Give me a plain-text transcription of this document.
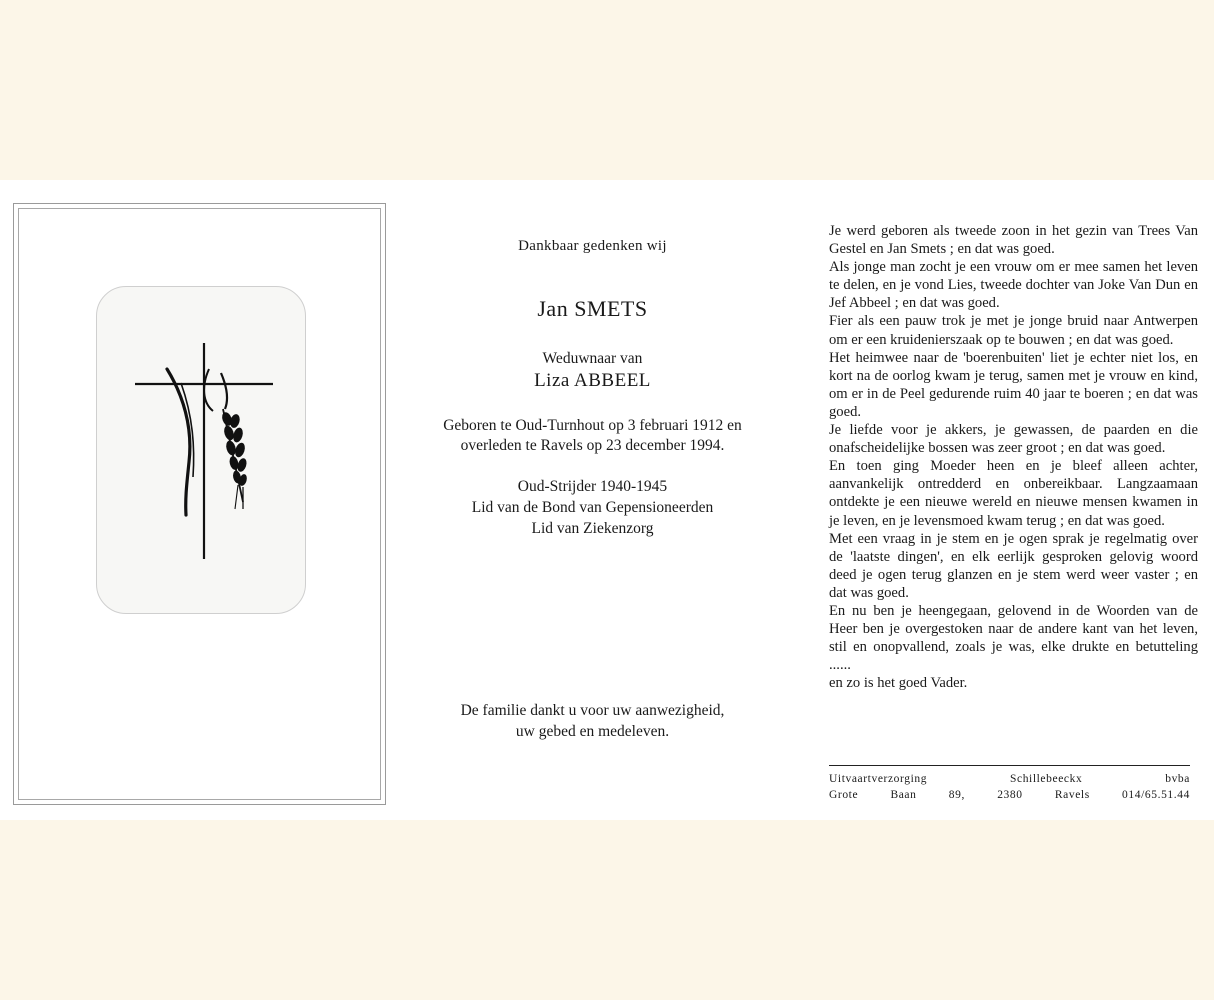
Dankbaar gedenken wij
Jan SMETS
Weduwnaar van
Liza ABBEEL
Geboren te Oud-Turnhout op 3 februari 1912 en
overleden te Ravels op 23 december 1994.
Oud-Strijder 1940-1945
Lid van de Bond van Gepensioneerden
Lid van Ziekenzorg
De familie dankt u voor uw aanwezigheid,
uw gebed en medeleven.

Je werd geboren als tweede zoon in het gezin van Trees Van Gestel en Jan Smets ; en dat was goed.

Als jonge man zocht je een vrouw om er mee samen het leven te delen, en je vond Lies, tweede dochter van Joke Van Dun en Jef Abbeel ; en dat was goed.

Fier als een pauw trok je met je jonge bruid naar Antwerpen om er een kruidenierszaak op te bouwen ; en dat was goed.

Het heimwee naar de 'boerenbuiten' liet je echter niet los, en kort na de oorlog kwam je terug, samen met je vrouw en kind, om er in de Peel gedurende ruim 40 jaar te boeren ; en dat was goed.

Je liefde voor je akkers, je gewassen, de paarden en die onafscheidelijke bossen was zeer groot ; en dat was goed.

En toen ging Moeder heen en je bleef alleen achter, aanvankelijk ontredderd en onbereikbaar. Langzaamaan ontdekte je een nieuwe wereld en nieuwe mensen kwamen in je leven, en je levensmoed kwam terug ; en dat was goed.

Met een vraag in je stem en je ogen sprak je regelmatig over de 'laatste dingen', en elk eerlijk gesproken gelovig woord deed je ogen terug glanzen en je stem werd weer vaster ; en dat was goed.

En nu ben je heengegaan, gelovend in de Woorden van de Heer ben je overgestoken naar de andere kant van het leven, stil en onopvallend, zoals je was, elke drukte en betutteling ......

en zo is het goed Vader.

Uitvaartverzorging	Schillebeeckx	bvba
Grote	Baan	89,	2380	Ravels	014/65.51.44
